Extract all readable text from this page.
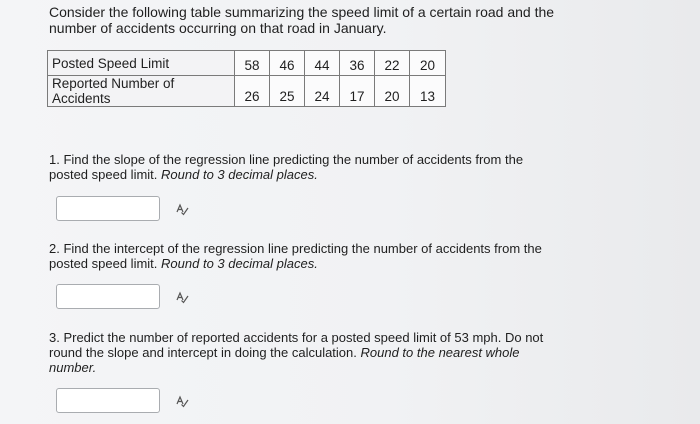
Consider the following table summarizing the speed limit of a certain road and the number of accidents occurring on that road in January.
Posted Speed Limit	58	46	44	36	22	20
Reported Number of Accidents	26	25	24	17	20	13
1. Find the slope of the regression line predicting the number of accidents from the posted speed limit. Round to 3 decimal places.
2. Find the intercept of the regression line predicting the number of accidents from the posted speed limit. Round to 3 decimal places.
3. Predict the number of reported accidents for a posted speed limit of 53 mph. Do not round the slope and intercept in doing the calculation. Round to the nearest whole number.
